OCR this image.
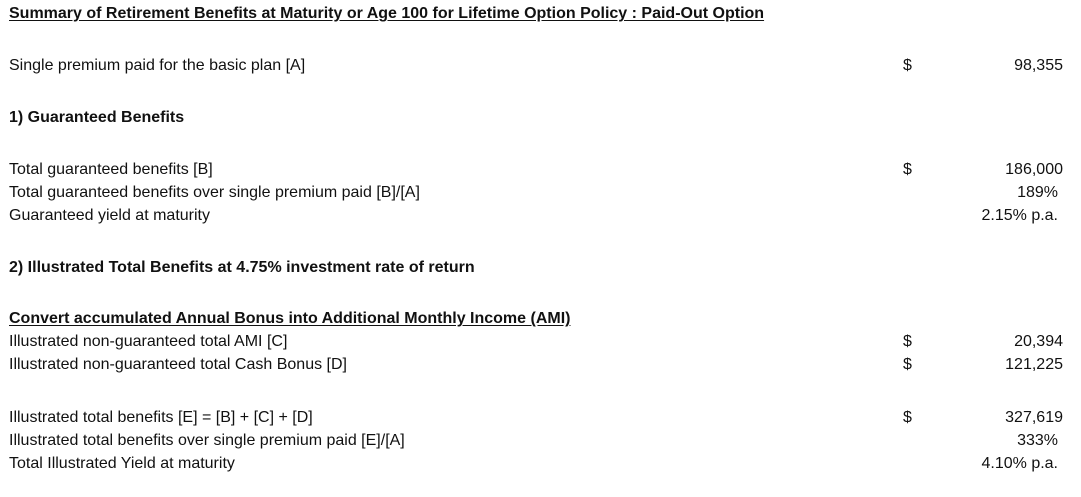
Summary of Retirement Benefits at Maturity or Age 100 for Lifetime Option Policy : Paid-Out Option
Single premium paid for the basic plan [A]	$	98,355
1) Guaranteed Benefits
Total guaranteed benefits [B]	$	186,000
Total guaranteed benefits over single premium paid [B]/[A]	189%
Guaranteed yield at maturity	2.15% p.a.
2) Illustrated Total Benefits at 4.75% investment rate of return
Convert accumulated Annual Bonus into Additional Monthly Income (AMI)
Illustrated non-guaranteed total AMI [C]	$	20,394
Illustrated non-guaranteed total Cash Bonus [D]	$	121,225
Illustrated total benefits [E] = [B] + [C] + [D]	$	327,619
Illustrated total benefits over single premium paid [E]/[A]	333%
Total Illustrated Yield at maturity	4.10% p.a.
